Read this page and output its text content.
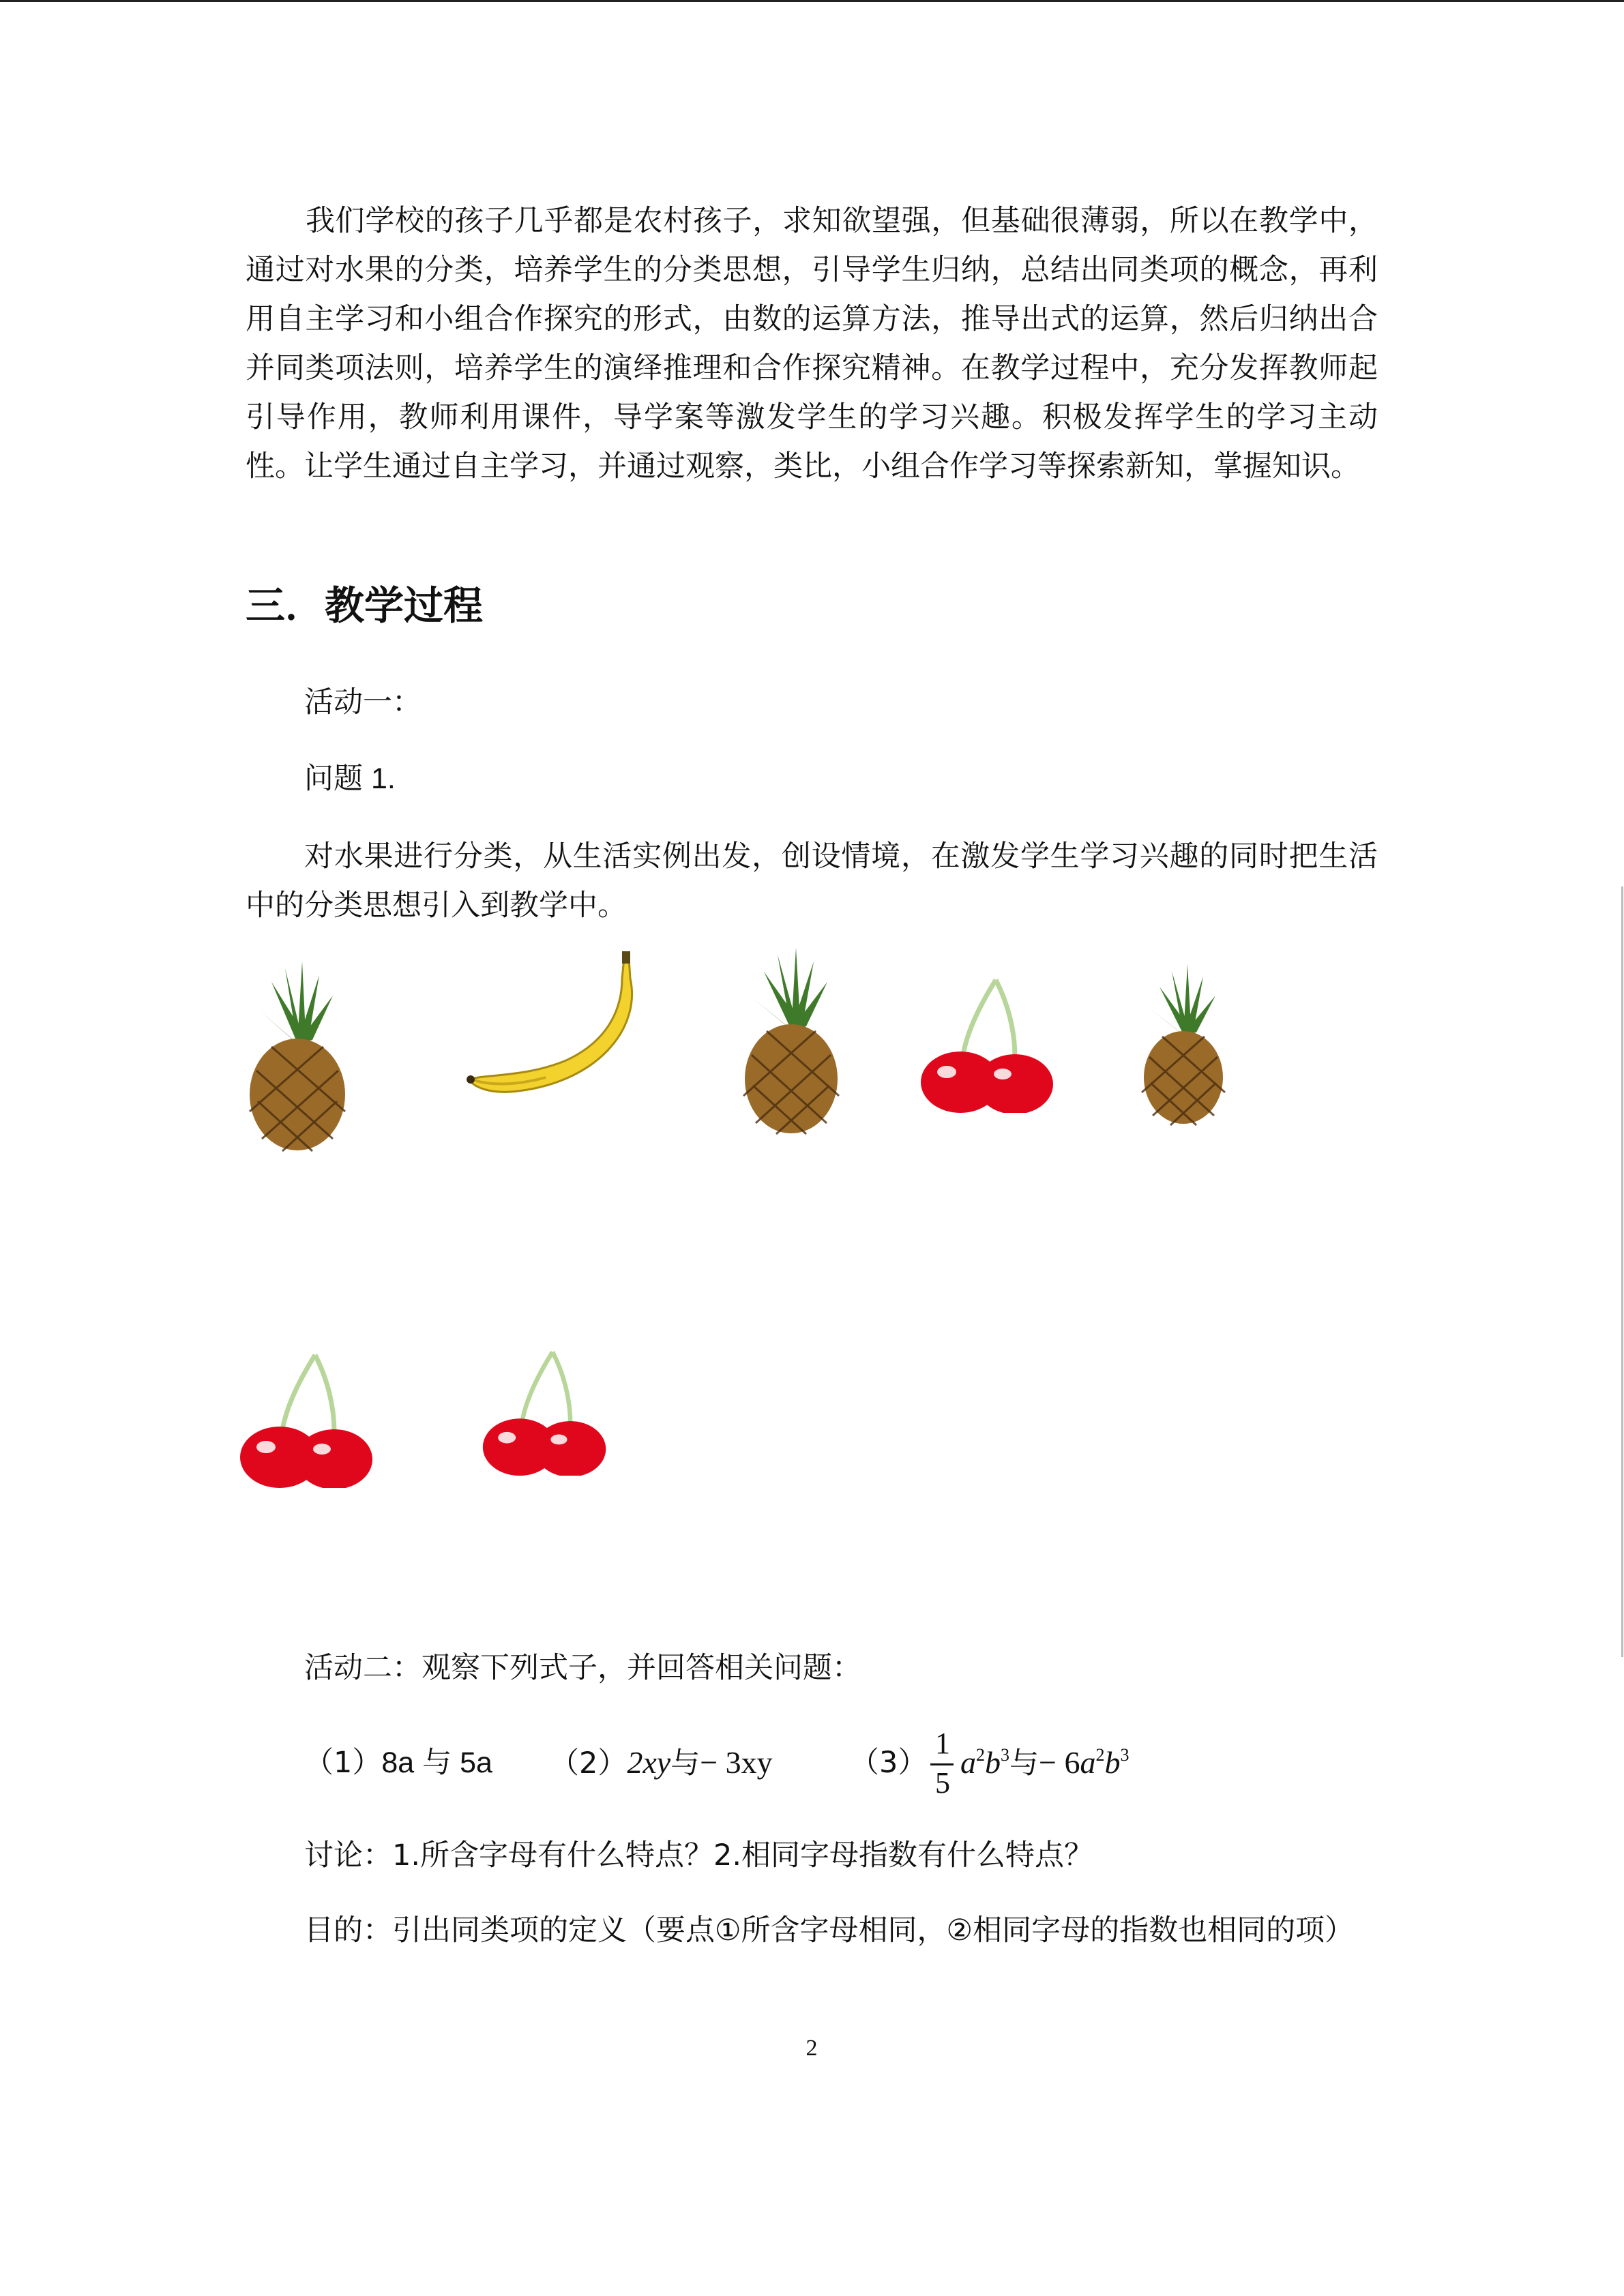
我们学校的孩子几乎都是农村孩子，求知欲望强，但基础很薄弱，所以在教学中，通过对水果的分类，培养学生的分类思想，引导学生归纳，总结出同类项的概念，再利用自主学习和小组合作探究的形式，由数的运算方法，推导出式的运算，然后归纳出合并同类项法则，培养学生的演绎推理和合作探究精神。在教学过程中，充分发挥教师起引导作用，教师利用课件，导学案等激发学生的学习兴趣。积极发挥学生的学习主动性。让学生通过自主学习，并通过观察，类比，小组合作学习等探索新知，掌握知识。
三．教学过程
活动一：
问题 1.
对水果进行分类，从生活实例出发，创设情境，在激发学生学习兴趣的同时把生活中的分类思想引入到教学中。
活动二：观察下列式子，并回答相关问题：
（1）8a 与 5a （2）2xy与− 3xy	（3）
1
5
$a^2b^3$与− $6a^2b^3$
讨论：1.所含字母有什么特点？2.相同字母指数有什么特点？
目的：引出同类项的定义（要点①所含字母相同，②相同字母的指数也相同的项）
2
